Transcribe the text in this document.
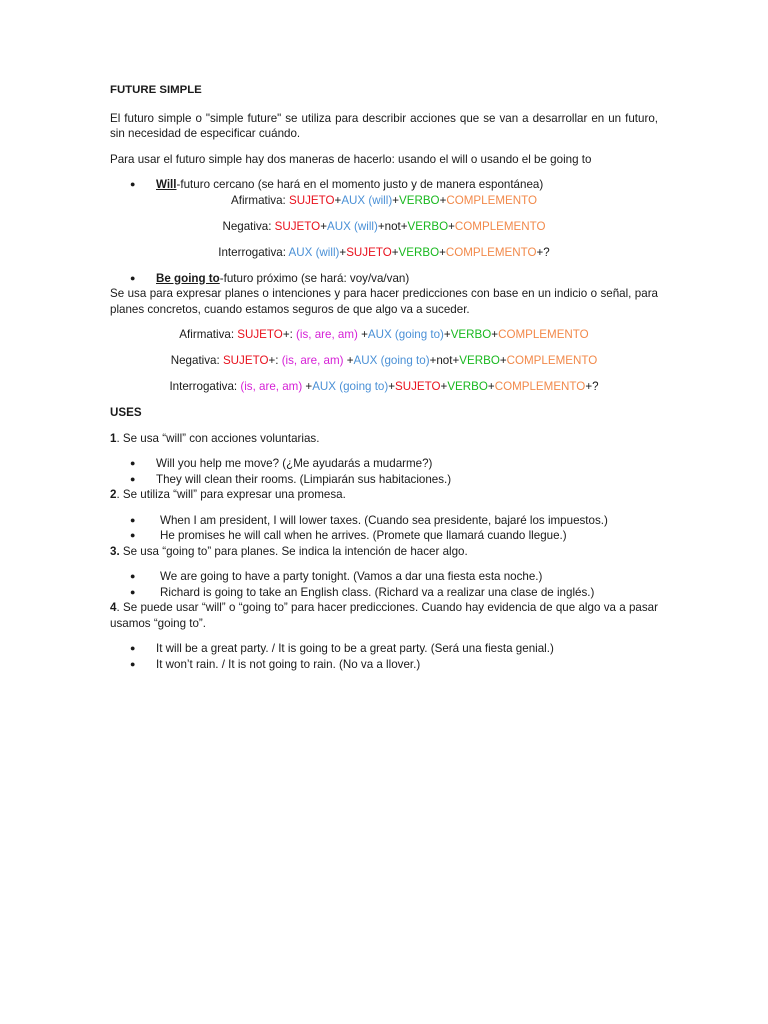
FUTURE SIMPLE

El futuro simple o "simple future" se utiliza para describir acciones que se van a desarrollar en un futuro, sin necesidad de especificar cuándo.

Para usar el futuro simple hay dos maneras de hacerlo: usando el will o usando el be going to

● Will-futuro cercano (se hará en el momento justo y de manera espontánea)

Afirmativa: SUJETO+AUX (will)+VERBO+COMPLEMENTO

Negativa: SUJETO+AUX (will)+not+VERBO+COMPLEMENTO

Interrogativa: AUX (will)+SUJETO+VERBO+COMPLEMENTO+?

● Be going to-futuro próximo (se hará: voy/va/van)

Se usa para expresar planes o intenciones y para hacer predicciones con base en un indicio o señal, para planes concretos, cuando estamos seguros de que algo va a suceder.

Afirmativa: SUJETO+: (is, are, am) +AUX (going to)+VERBO+COMPLEMENTO

Negativa: SUJETO+: (is, are, am) +AUX (going to)+not+VERBO+COMPLEMENTO

Interrogativa: (is, are, am) +AUX (going to)+SUJETO+VERBO+COMPLEMENTO+?

USES

1. Se usa “will” con acciones voluntarias.

● Will you help me move? (¿Me ayudarás a mudarme?)
● They will clean their rooms. (Limpiarán sus habitaciones.)

2. Se utiliza “will” para expresar una promesa.

● When I am president, I will lower taxes. (Cuando sea presidente, bajaré los impuestos.)
● He promises he will call when he arrives. (Promete que llamará cuando llegue.)

3. Se usa “going to” para planes. Se indica la intención de hacer algo.

● We are going to have a party tonight. (Vamos a dar una fiesta esta noche.)
● Richard is going to take an English class. (Richard va a realizar una clase de inglés.)

4. Se puede usar “will” o “going to” para hacer predicciones. Cuando hay evidencia de que algo va a pasar usamos “going to”.

● It will be a great party. / It is going to be a great party. (Será una fiesta genial.)
● It won’t rain. / It is not going to rain. (No va a llover.)
